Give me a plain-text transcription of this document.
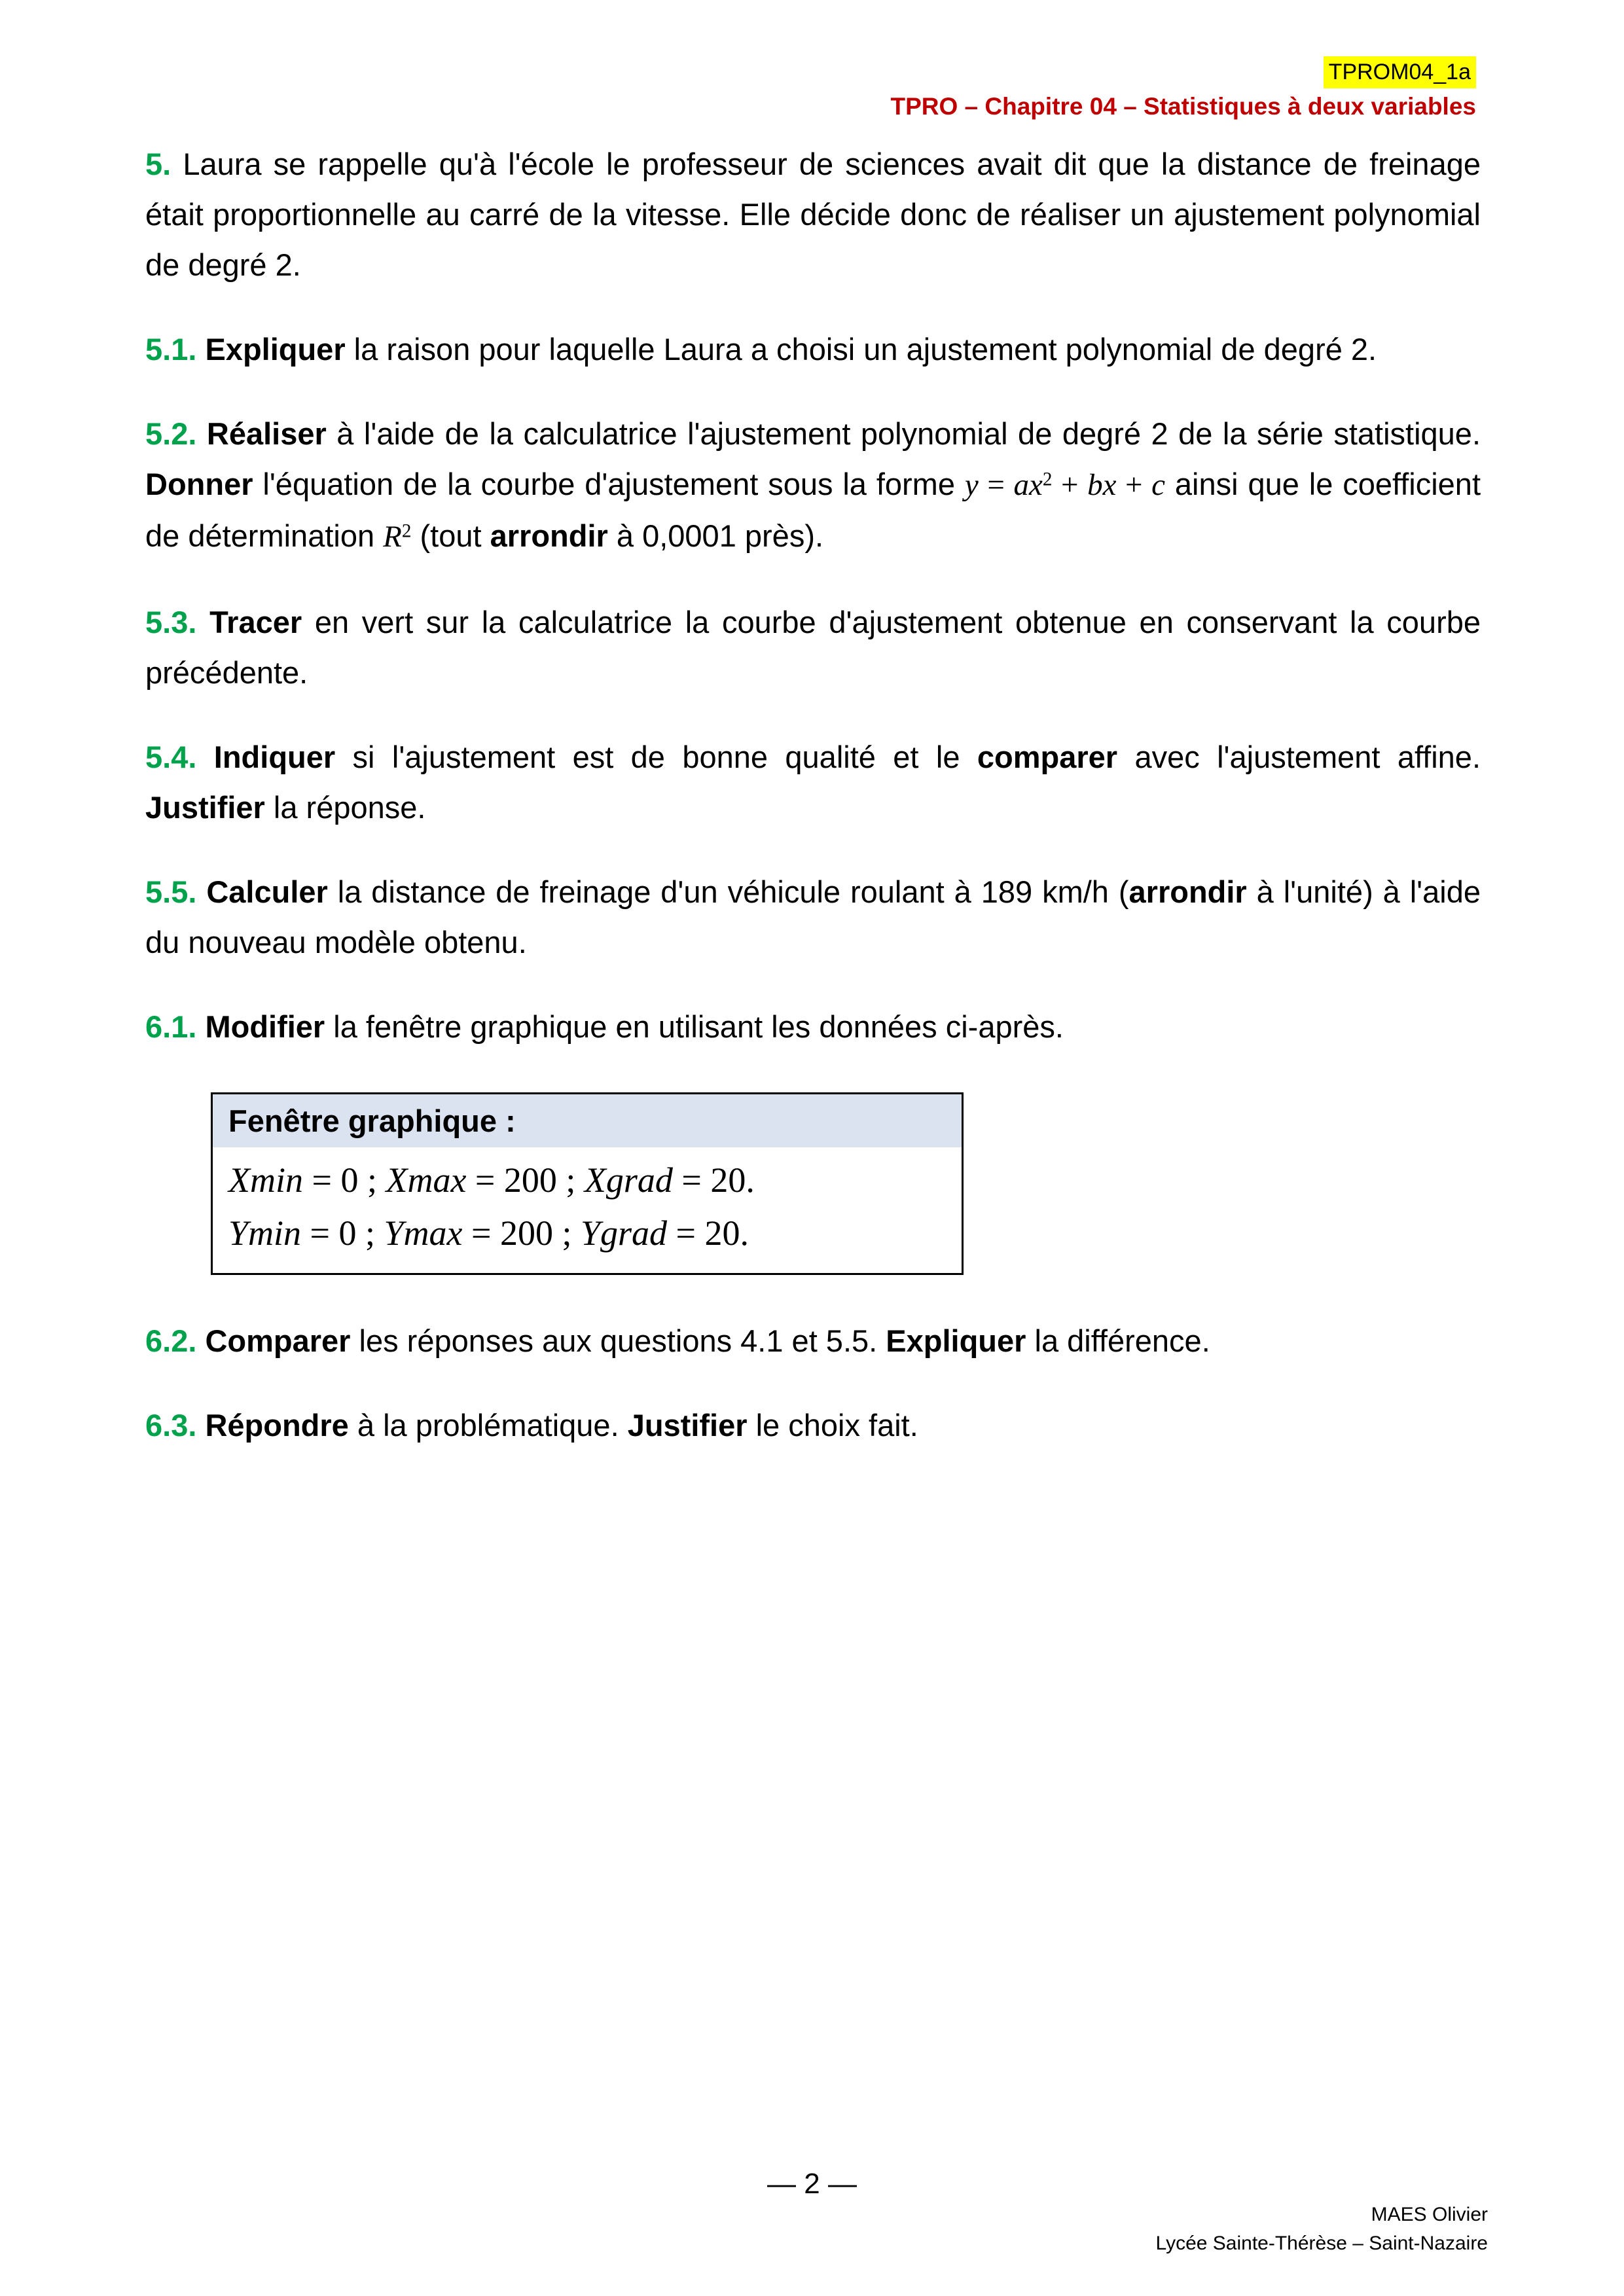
TPROM04_1a
TPRO – Chapitre 04 – Statistiques à deux variables

5. Laura se rappelle qu'à l'école le professeur de sciences avait dit que la distance de freinage était proportionnelle au carré de la vitesse. Elle décide donc de réaliser un ajustement polynomial de degré 2.

5.1. Expliquer la raison pour laquelle Laura a choisi un ajustement polynomial de degré 2.

5.2. Réaliser à l'aide de la calculatrice l'ajustement polynomial de degré 2 de la série statistique. Donner l'équation de la courbe d'ajustement sous la forme $y = ax^2$ + bx + c ainsi que le coefficient de détermination $R^2$ (tout arrondir à 0,0001 près).

5.3. Tracer en vert sur la calculatrice la courbe d'ajustement obtenue en conservant la courbe précédente.

5.4. Indiquer si l'ajustement est de bonne qualité et le comparer avec l'ajustement affine. Justifier la réponse.

5.5. Calculer la distance de freinage d'un véhicule roulant à 189 km/h (arrondir à l'unité) à l'aide du nouveau modèle obtenu.

6.1. Modifier la fenêtre graphique en utilisant les données ci-après.

Fenêtre graphique :

Xmin = 0 ; Xmax = 200 ; Xgrad = 20.

Ymin = 0 ; Ymax = 200 ; Ygrad = 20.

6.2. Comparer les réponses aux questions 4.1 et 5.5. Expliquer la différence.

6.3. Répondre à la problématique. Justifier le choix fait.

— 2 —
MAES Olivier
Lycée Sainte-Thérèse – Saint-Nazaire
